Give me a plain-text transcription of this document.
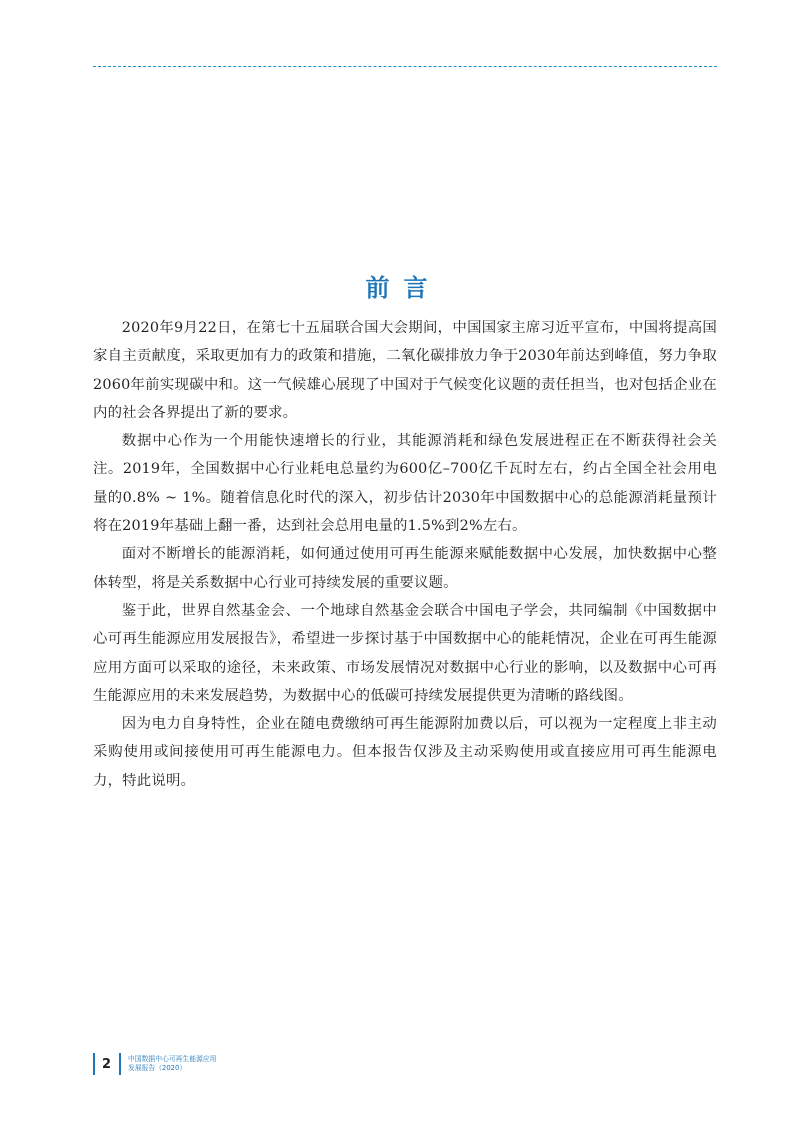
前言

2020年9月22日，在第七十五届联合国大会期间，中国国家主席习近平宣布，中国将提高国家自主贡献度，采取更加有力的政策和措施，二氧化碳排放力争于2030年前达到峰值，努力争取2060年前实现碳中和。这一气候雄心展现了中国对于气候变化议题的责任担当，也对包括企业在内的社会各界提出了新的要求。

数据中心作为一个用能快速增长的行业，其能源消耗和绿色发展进程正在不断获得社会关注。2019年，全国数据中心行业耗电总量约为600亿–700亿千瓦时左右，约占全国全社会用电量的0.8% ~ 1%。随着信息化时代的深入，初步估计2030年中国数据中心的总能源消耗量预计将在2019年基础上翻一番，达到社会总用电量的1.5%到2%左右。

面对不断增长的能源消耗，如何通过使用可再生能源来赋能数据中心发展，加快数据中心整体转型，将是关系数据中心行业可持续发展的重要议题。

鉴于此，世界自然基金会、一个地球自然基金会联合中国电子学会，共同编制《中国数据中心可再生能源应用发展报告》，希望进一步探讨基于中国数据中心的能耗情况，企业在可再生能源应用方面可以采取的途径，未来政策、市场发展情况对数据中心行业的影响，以及数据中心可再生能源应用的未来发展趋势，为数据中心的低碳可持续发展提供更为清晰的路线图。

因为电力自身特性，企业在随电费缴纳可再生能源附加费以后，可以视为一定程度上非主动采购使用或间接使用可再生能源电力。但本报告仅涉及主动采购使用或直接应用可再生能源电力，特此说明。

2	中国数据中心可再生能源应用
发展报告（2020）
